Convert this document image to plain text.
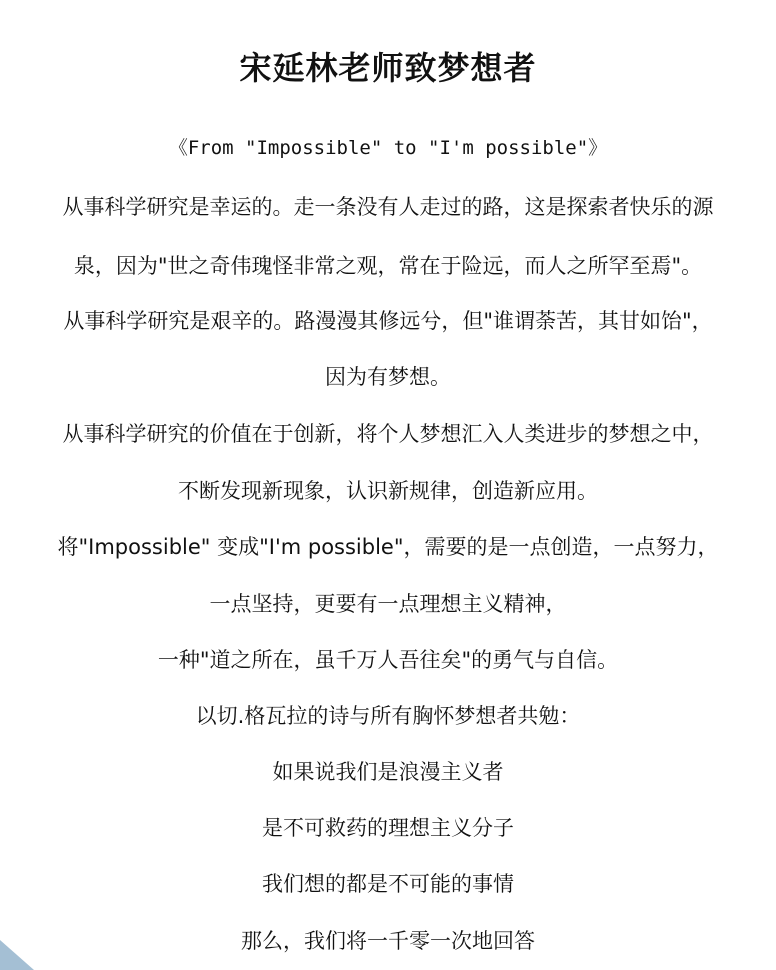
宋延林老师致梦想者
《From "Impossible" to "I'm possible"》
从事科学研究是幸运的。走一条没有人走过的路，这是探索者快乐的源
泉，因为"世之奇伟瑰怪非常之观，常在于险远，而人之所罕至焉"。
从事科学研究是艰辛的。路漫漫其修远兮，但"谁谓荼苦，其甘如饴"，
因为有梦想。
从事科学研究的价值在于创新，将个人梦想汇入人类进步的梦想之中，
不断发现新现象，认识新规律，创造新应用。
将"Impossible" 变成"I'm possible"，需要的是一点创造，一点努力，
一点坚持，更要有一点理想主义精神，
一种"道之所在，虽千万人吾往矣"的勇气与自信。
以切.格瓦拉的诗与所有胸怀梦想者共勉：
如果说我们是浪漫主义者
是不可救药的理想主义分子
我们想的都是不可能的事情
那么，我们将一千零一次地回答
